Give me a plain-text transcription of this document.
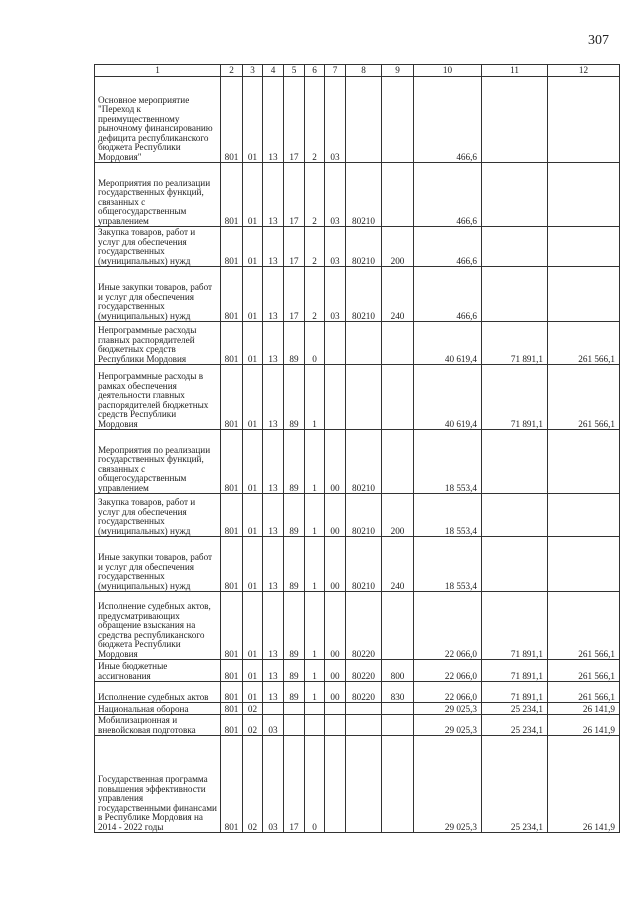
307
1	2	3	4	5	6	7	8	9	10	11	12
Основное мероприятие "Переход к преимущественному рыночному финансированию дефицита республиканского бюджета Республики Мордовия"	801	01	13	17	2	03			466,6		
Мероприятия по реализации государственных функций, связанных с общегосударственным управлением	801	01	13	17	2	03	80210		466,6		
Закупка товаров, работ и услуг для обеспечения государственных (муниципальных) нужд	801	01	13	17	2	03	80210	200	466,6		
Иные закупки товаров, работ и услуг для обеспечения государственных (муниципальных) нужд	801	01	13	17	2	03	80210	240	466,6		
Непрограммные расходы главных распорядителей бюджетных средств Республики Мордовия	801	01	13	89	0				40 619,4	71 891,1	261 566,1
Непрограммные расходы в рамках обеспечения деятельности главных распорядителей бюджетных средств Республики Мордовия	801	01	13	89	1				40 619,4	71 891,1	261 566,1
Мероприятия по реализации государственных функций, связанных с общегосударственным управлением	801	01	13	89	1	00	80210		18 553,4		
Закупка товаров, работ и услуг для обеспечения государственных (муниципальных) нужд	801	01	13	89	1	00	80210	200	18 553,4		
Иные закупки товаров, работ и услуг для обеспечения государственных (муниципальных) нужд	801	01	13	89	1	00	80210	240	18 553,4		
Исполнение судебных актов, предусматривающих обращение взыскания на средства республиканского бюджета Республики Мордовия	801	01	13	89	1	00	80220		22 066,0	71 891,1	261 566,1
Иные бюджетные ассигнования	801	01	13	89	1	00	80220	800	22 066,0	71 891,1	261 566,1
Исполнение судебных актов	801	01	13	89	1	00	80220	830	22 066,0	71 891,1	261 566,1
Национальная оборона	801	02							29 025,3	25 234,1	26 141,9
Мобилизационная и вневойсковая подготовка	801	02	03						29 025,3	25 234,1	26 141,9
Государственная программа повышения эффективности управления государственными финансами в Республике Мордовия на 2014 - 2022 годы	801	02	03	17	0				29 025,3	25 234,1	26 141,9
